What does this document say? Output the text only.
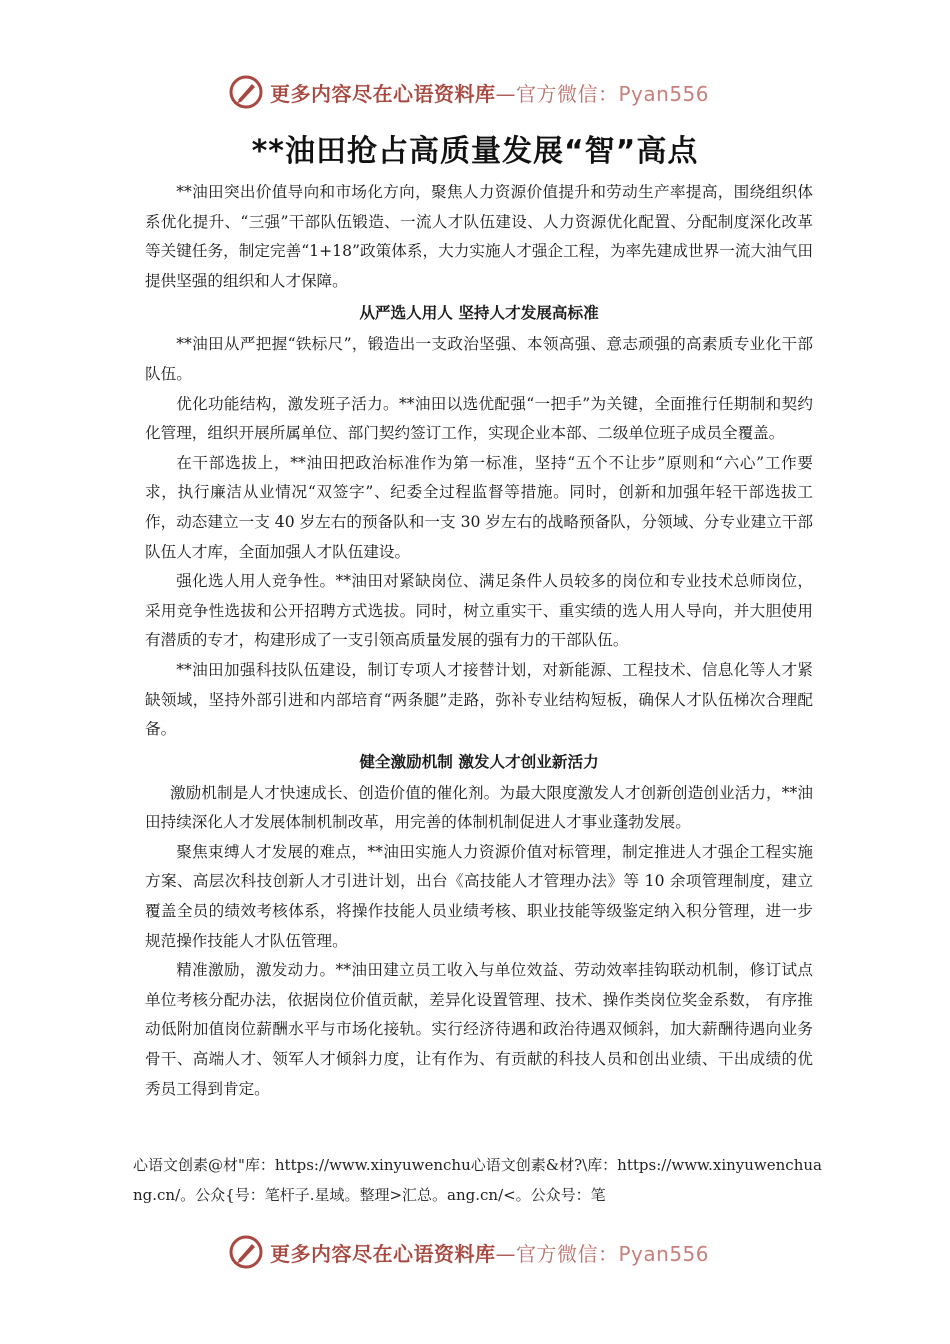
更多内容尽在心语资料库—官方微信：Pyan556
**油田抢占高质量发展“智”高点

**油田突出价值导向和市场化方向，聚焦人力资源价值提升和劳动生产率提高，围绕组织体系优化提升、“三强”干部队伍锻造、一流人才队伍建设、人力资源优化配置、分配制度深化改革等关键任务，制定完善“1+18”政策体系，大力实施人才强企工程，为率先建成世界一流大油气田提供坚强的组织和人才保障。

从严选人用人 坚持人才发展高标准

**油田从严把握“铁标尺”，锻造出一支政治坚强、本领高强、意志顽强的高素质专业化干部队伍。

优化功能结构，激发班子活力。**油田以选优配强“一把手”为关键，全面推行任期制和契约化管理，组织开展所属单位、部门契约签订工作，实现企业本部、二级单位班子成员全覆盖。

在干部选拔上，**油田把政治标准作为第一标准，坚持“五个不让步”原则和“六心”工作要求，执行廉洁从业情况“双签字”、纪委全过程监督等措施。同时，创新和加强年轻干部选拔工作，动态建立一支 40 岁左右的预备队和一支 30 岁左右的战略预备队，分领域、分专业建立干部队伍人才库，全面加强人才队伍建设。

强化选人用人竞争性。**油田对紧缺岗位、满足条件人员较多的岗位和专业技术总师岗位，采用竞争性选拔和公开招聘方式选拔。同时，树立重实干、重实绩的选人用人导向，并大胆使用有潜质的专才，构建形成了一支引领高质量发展的强有力的干部队伍。

**油田加强科技队伍建设，制订专项人才接替计划，对新能源、工程技术、信息化等人才紧缺领域，坚持外部引进和内部培育“两条腿”走路，弥补专业结构短板，确保人才队伍梯次合理配备。

健全激励机制 激发人才创业新活力

激励机制是人才快速成长、创造价值的催化剂。为最大限度激发人才创新创造创业活力，**油田持续深化人才发展体制机制改革，用完善的体制机制促进人才事业蓬勃发展。

聚焦束缚人才发展的难点，**油田实施人力资源价值对标管理，制定推进人才强企工程实施方案、高层次科技创新人才引进计划，出台《高技能人才管理办法》等 10 余项管理制度，建立覆盖全员的绩效考核体系，将操作技能人员业绩考核、职业技能等级鉴定纳入积分管理，进一步规范操作技能人才队伍管理。

精准激励，激发动力。**油田建立员工收入与单位效益、劳动效率挂钩联动机制，修订试点单位考核分配办法，依据岗位价值贡献，差异化设置管理、技术、操作类岗位奖金系数， 有序推动低附加值岗位薪酬水平与市场化接轨。实行经济待遇和政治待遇双倾斜，加大薪酬待遇向业务骨干、高端人才、领军人才倾斜力度，让有作为、有贡献的科技人员和创出业绩、干出成绩的优秀员工得到肯定。

心语文创素@材"库：https://www.xinyuwenchu心语文创素&材?\库：https://www.xinyuwenchuang.cn/。公众{号：笔杆子.星域。整理>汇总。ang.cn/<。公众号：笔
更多内容尽在心语资料库—官方微信：Pyan556
